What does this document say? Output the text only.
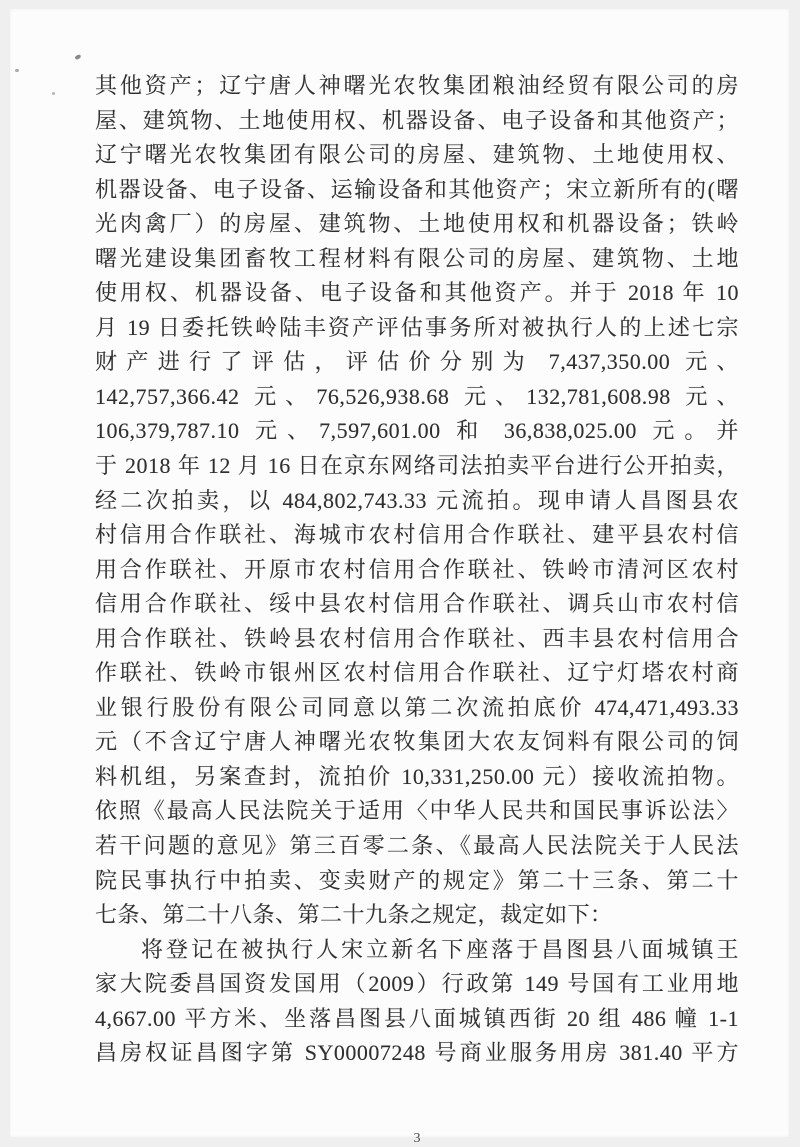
其他资产；辽宁唐人神曙光农牧集团粮油经贸有限公司的房
屋、建筑物、土地使用权、机器设备、电子设备和其他资产；
辽宁曙光农牧集团有限公司的房屋、建筑物、土地使用权、
机器设备、电子设备、运输设备和其他资产；宋立新所有的(曙
光肉禽厂）的房屋、建筑物、土地使用权和机器设备；铁岭
曙光建设集团畜牧工程材料有限公司的房屋、建筑物、土地
使用权、机器设备、电子设备和其他资产。并于 2018 年 10
月 19 日委托铁岭陆丰资产评估事务所对被执行人的上述七宗
财产进行了评估，评估价分别为 7,437,350.00 元、
142,757,366.42 元、76,526,938.68 元、132,781,608.98 元、
106,379,787.10 元、7,597,601.00 和 36,838,025.00 元。并
于 2018 年 12 月 16 日在京东网络司法拍卖平台进行公开拍卖，
经二次拍卖，以 484,802,743.33 元流拍。现申请人昌图县农
村信用合作联社、海城市农村信用合作联社、建平县农村信
用合作联社、开原市农村信用合作联社、铁岭市清河区农村
信用合作联社、绥中县农村信用合作联社、调兵山市农村信
用合作联社、铁岭县农村信用合作联社、西丰县农村信用合
作联社、铁岭市银州区农村信用合作联社、辽宁灯塔农村商
业银行股份有限公司同意以第二次流拍底价 474,471,493.33
元（不含辽宁唐人神曙光农牧集团大农友饲料有限公司的饲
料机组，另案查封，流拍价 10,331,250.00 元）接收流拍物。
依照《最高人民法院关于适用〈中华人民共和国民事诉讼法〉
若干问题的意见》第三百零二条、《最高人民法院关于人民法
院民事执行中拍卖、变卖财产的规定》第二十三条、第二十
七条、第二十八条、第二十九条之规定，裁定如下：
将登记在被执行人宋立新名下座落于昌图县八面城镇王
家大院委昌国资发国用（2009）行政第 149 号国有工业用地
4,667.00 平方米、坐落昌图县八面城镇西街 20 组 486 幢 1-1
昌房权证昌图字第 SY00007248 号商业服务用房 381.40 平方
3
